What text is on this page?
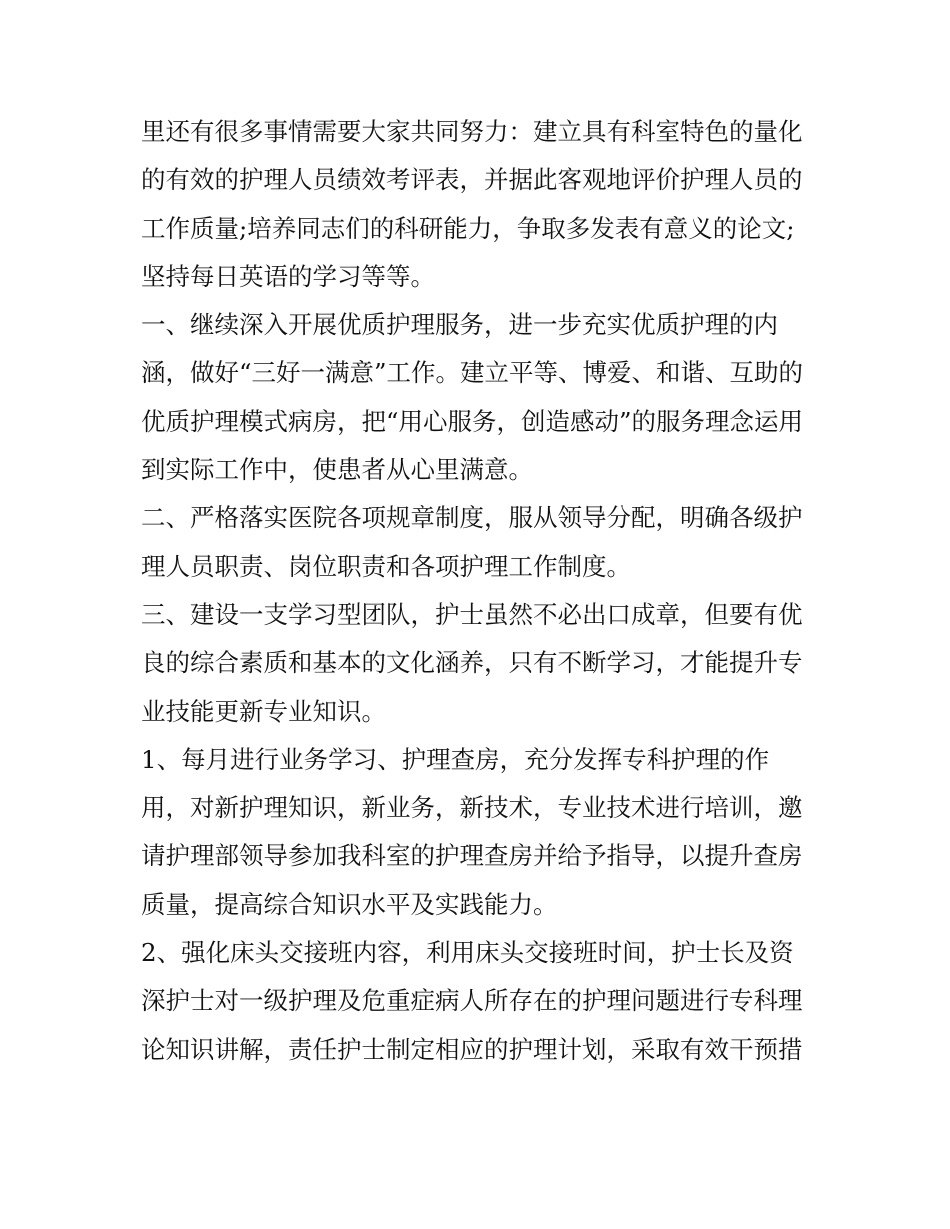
里还有很多事情需要大家共同努力：建立具有科室特色的量化
的有效的护理人员绩效考评表，并据此客观地评价护理人员的
工作质量;培养同志们的科研能力，争取多发表有意义的论文;
坚持每日英语的学习等等。
一、继续深入开展优质护理服务，进一步充实优质护理的内
涵，做好“三好一满意”工作。建立平等、博爱、和谐、互助的
优质护理模式病房，把“用心服务，创造感动”的服务理念运用
到实际工作中，使患者从心里满意。
二、严格落实医院各项规章制度，服从领导分配，明确各级护
理人员职责、岗位职责和各项护理工作制度。
三、建设一支学习型团队，护士虽然不必出口成章，但要有优
良的综合素质和基本的文化涵养，只有不断学习，才能提升专
业技能更新专业知识。
1、每月进行业务学习、护理查房，充分发挥专科护理的作
用，对新护理知识，新业务，新技术，专业技术进行培训，邀
请护理部领导参加我科室的护理查房并给予指导，以提升查房
质量，提高综合知识水平及实践能力。
2、强化床头交接班内容，利用床头交接班时间，护士长及资
深护士对一级护理及危重症病人所存在的护理问题进行专科理
论知识讲解，责任护士制定相应的护理计划，采取有效干预措
